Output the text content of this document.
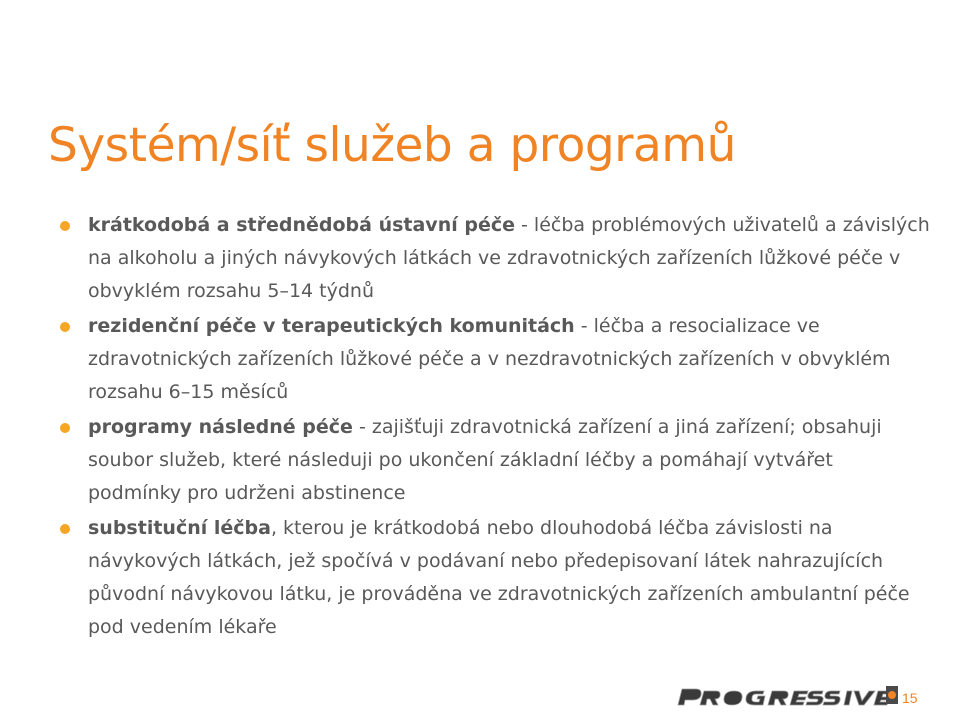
Systém/síť služeb a programů
krátkodobá a střednědobá ústavní péče - léčba problémových uživatelů a závislých na alkoholu a jiných návykových látkách ve zdravotnických zařízeních lůžkové péče v obvyklém rozsahu 5–14 týdnů
rezidenční péče v terapeutických komunitách - léčba a resocializace ve zdravotnických zařízeních lůžkové péče a v nezdravotnických zařízeních v obvyklém rozsahu 6–15 měsíců
programy následné péče - zajišťuji zdravotnická zařízení a jiná zařízení; obsahuji soubor služeb, které následuji po ukončení základní léčby a pomáhají vytvářet podmínky pro udrženi abstinence
substituční léčba, kterou je krátkodobá nebo dlouhodobá léčba závislosti na návykových látkách, jež spočívá v podávaní nebo předepisovaní látek nahrazujících původní návykovou látku, je prováděna ve zdravotnických zařízeních ambulantní péče pod vedením lékaře
15
